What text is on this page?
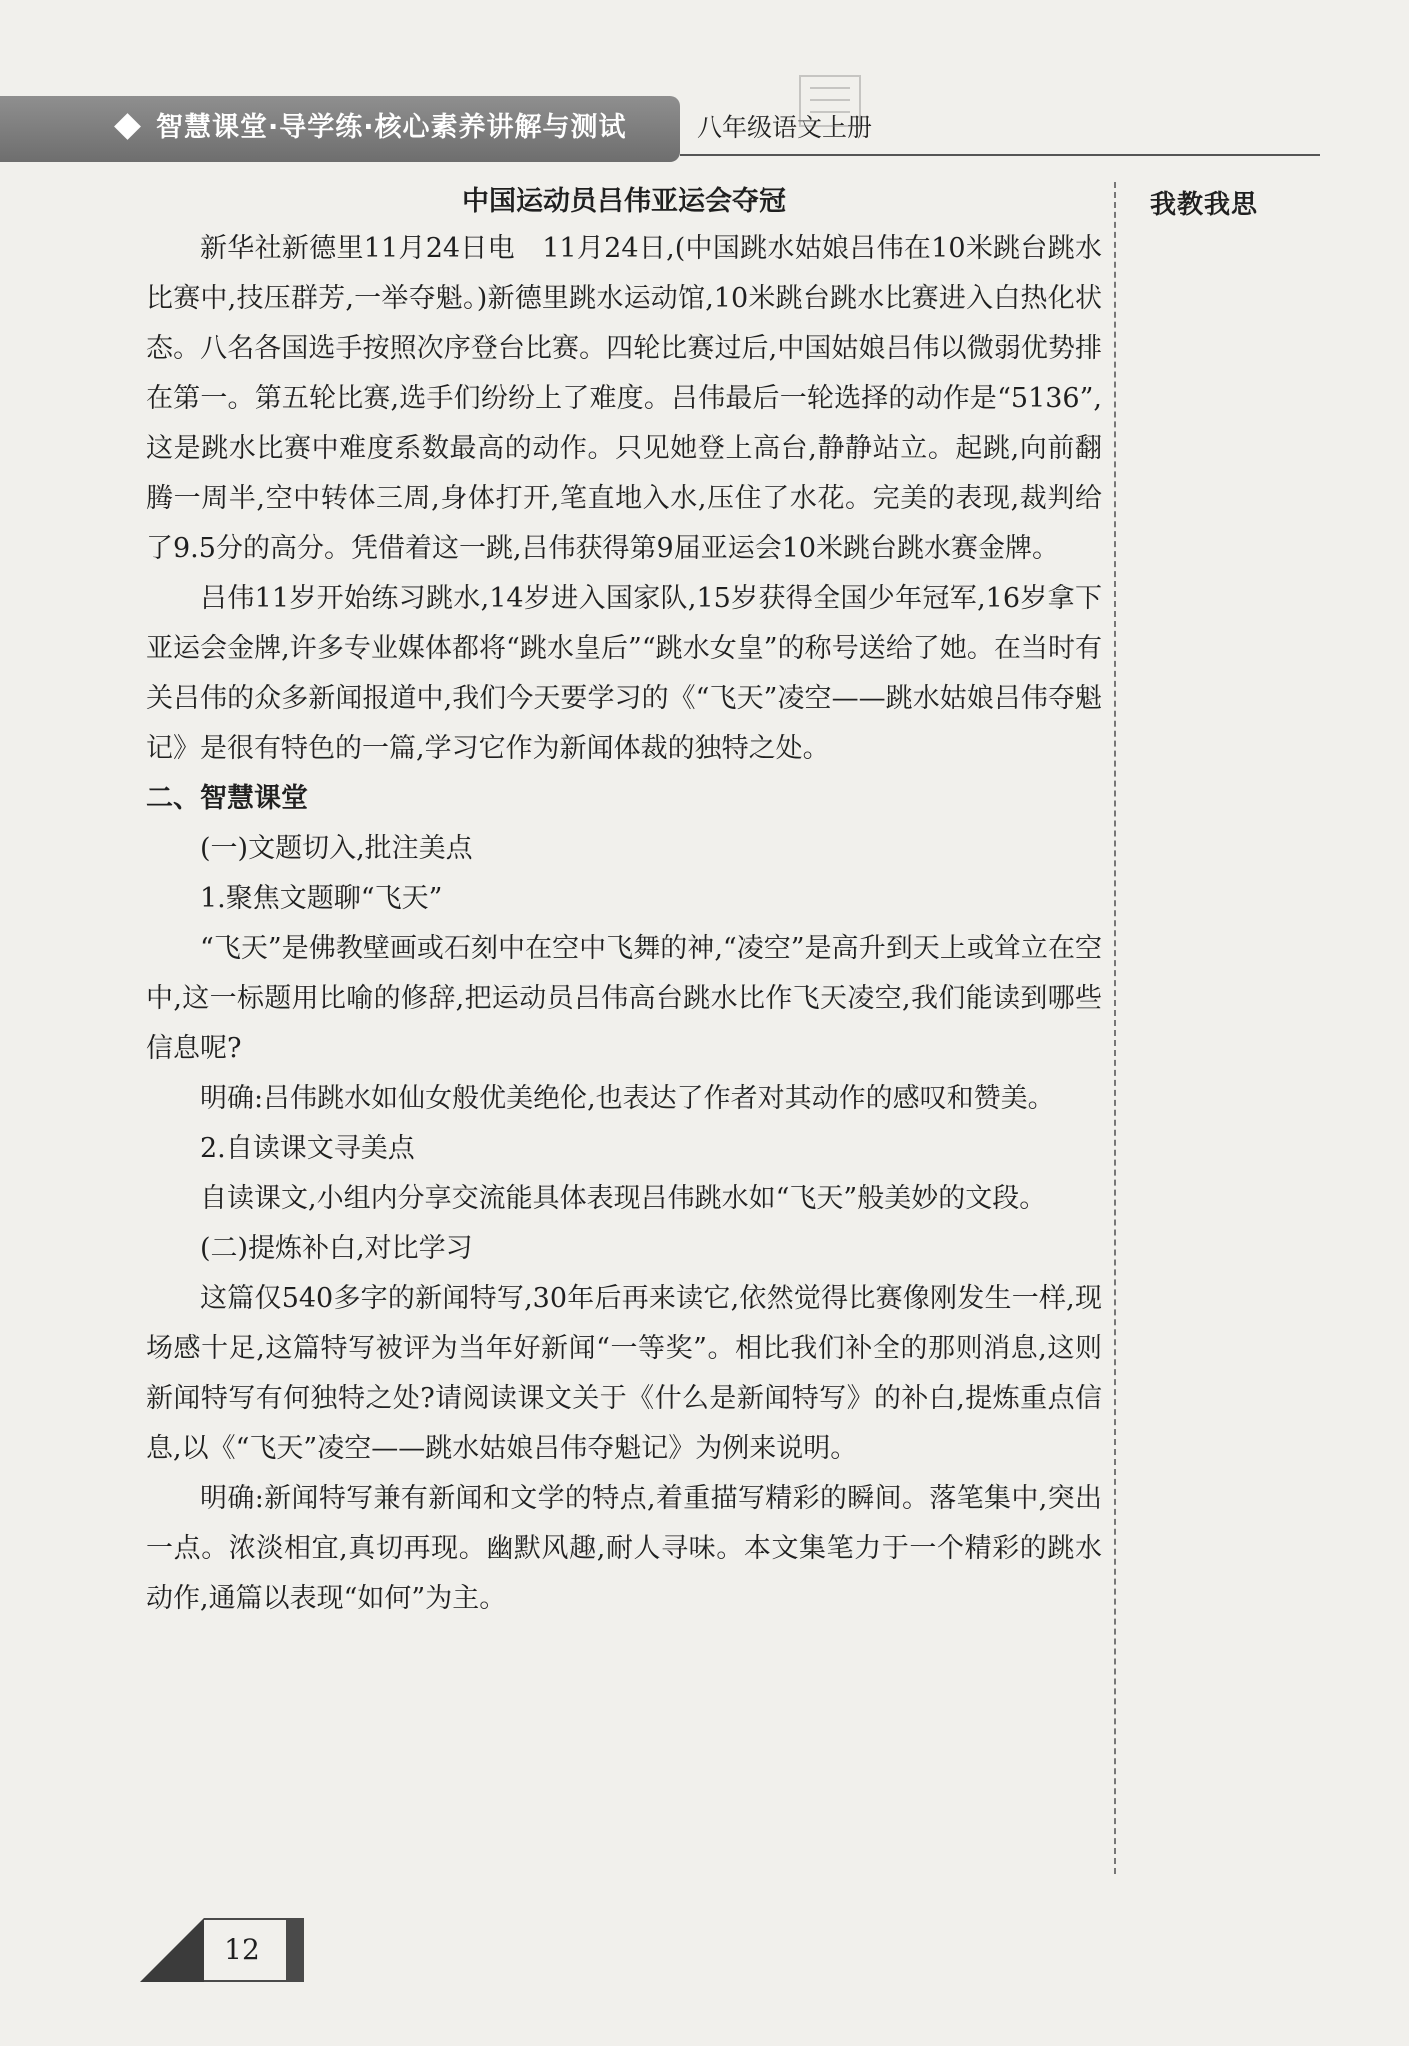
智慧课堂·导学练·核心素养讲解与测试	八年级语文上册
我教我思

中国运动员吕伟亚运会夺冠

新华社新德里11月24日电　11月24日,(中国跳水姑娘吕伟在10米跳台跳水比赛中,技压群芳,一举夺魁。)新德里跳水运动馆,10米跳台跳水比赛进入白热化状态。八名各国选手按照次序登台比赛。四轮比赛过后,中国姑娘吕伟以微弱优势排在第一。第五轮比赛,选手们纷纷上了难度。吕伟最后一轮选择的动作是“5136”,这是跳水比赛中难度系数最高的动作。只见她登上高台,静静站立。起跳,向前翻腾一周半,空中转体三周,身体打开,笔直地入水,压住了水花。完美的表现,裁判给了9.5分的高分。凭借着这一跳,吕伟获得第9届亚运会10米跳台跳水赛金牌。

吕伟11岁开始练习跳水,14岁进入国家队,15岁获得全国少年冠军,16岁拿下亚运会金牌,许多专业媒体都将“跳水皇后”“跳水女皇”的称号送给了她。在当时有关吕伟的众多新闻报道中,我们今天要学习的《“飞天”凌空——跳水姑娘吕伟夺魁记》是很有特色的一篇,学习它作为新闻体裁的独特之处。

二、智慧课堂

(一)文题切入,批注美点

1.聚焦文题聊“飞天”

“飞天”是佛教壁画或石刻中在空中飞舞的神,“凌空”是高升到天上或耸立在空中,这一标题用比喻的修辞,把运动员吕伟高台跳水比作飞天凌空,我们能读到哪些信息呢?

明确:吕伟跳水如仙女般优美绝伦,也表达了作者对其动作的感叹和赞美。

2.自读课文寻美点

自读课文,小组内分享交流能具体表现吕伟跳水如“飞天”般美妙的文段。

(二)提炼补白,对比学习

这篇仅540多字的新闻特写,30年后再来读它,依然觉得比赛像刚发生一样,现场感十足,这篇特写被评为当年好新闻“一等奖”。相比我们补全的那则消息,这则新闻特写有何独特之处?请阅读课文关于《什么是新闻特写》的补白,提炼重点信息,以《“飞天”凌空——跳水姑娘吕伟夺魁记》为例来说明。

明确:新闻特写兼有新闻和文学的特点,着重描写精彩的瞬间。落笔集中,突出一点。浓淡相宜,真切再现。幽默风趣,耐人寻味。本文集笔力于一个精彩的跳水动作,通篇以表现“如何”为主。

12
